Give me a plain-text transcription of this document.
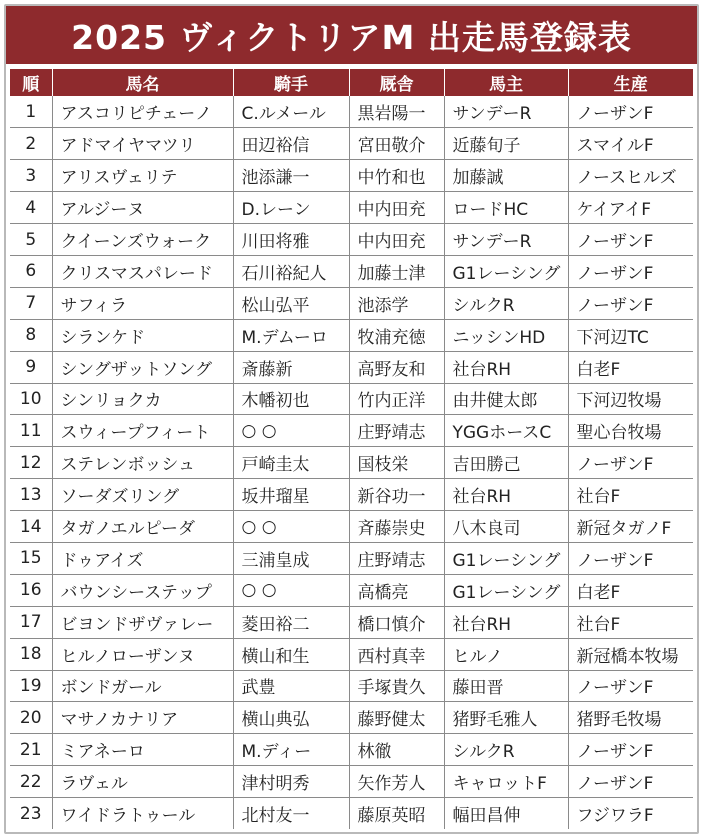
2025 ヴィクトリアM 出走馬登録表
順	馬名	騎手	厩舎	馬主	生産
1	アスコリピチェーノ	C.ルメール	黒岩陽一	サンデーR	ノーザンF
2	アドマイヤマツリ	田辺裕信	宮田敬介	近藤旬子	スマイルF
3	アリスヴェリテ	池添謙一	中竹和也	加藤誠	ノースヒルズ
4	アルジーヌ	D.レーン	中内田充	ロードHC	ケイアイF
5	クイーンズウォーク	川田将雅	中内田充	サンデーR	ノーザンF
6	クリスマスパレード	石川裕紀人	加藤士津	G1レーシング	ノーザンF
7	サフィラ	松山弘平	池添学	シルクR	ノーザンF
8	シランケド	M.デムーロ	牧浦充徳	ニッシンHD	下河辺TC
9	シングザットソング	斎藤新	高野友和	社台RH	白老F
10	シンリョクカ	木幡初也	竹内正洋	由井健太郎	下河辺牧場
11	スウィープフィート	○ ○	庄野靖志	YGGホースC	聖心台牧場
12	ステレンボッシュ	戸崎圭太	国枝栄	吉田勝己	ノーザンF
13	ソーダズリング	坂井瑠星	新谷功一	社台RH	社台F
14	タガノエルピーダ	○ ○	斉藤崇史	八木良司	新冠タガノF
15	ドゥアイズ	三浦皇成	庄野靖志	G1レーシング	ノーザンF
16	バウンシーステップ	○ ○	高橋亮	G1レーシング	白老F
17	ビヨンドザヴァレー	菱田裕二	橋口慎介	社台RH	社台F
18	ヒルノローザンヌ	横山和生	西村真幸	ヒルノ	新冠橋本牧場
19	ボンドガール	武豊	手塚貴久	藤田晋	ノーザンF
20	マサノカナリア	横山典弘	藤野健太	猪野毛雅人	猪野毛牧場
21	ミアネーロ	M.ディー	林徹	シルクR	ノーザンF
22	ラヴェル	津村明秀	矢作芳人	キャロットF	ノーザンF
23	ワイドラトゥール	北村友一	藤原英昭	幅田昌伸	フジワラF
